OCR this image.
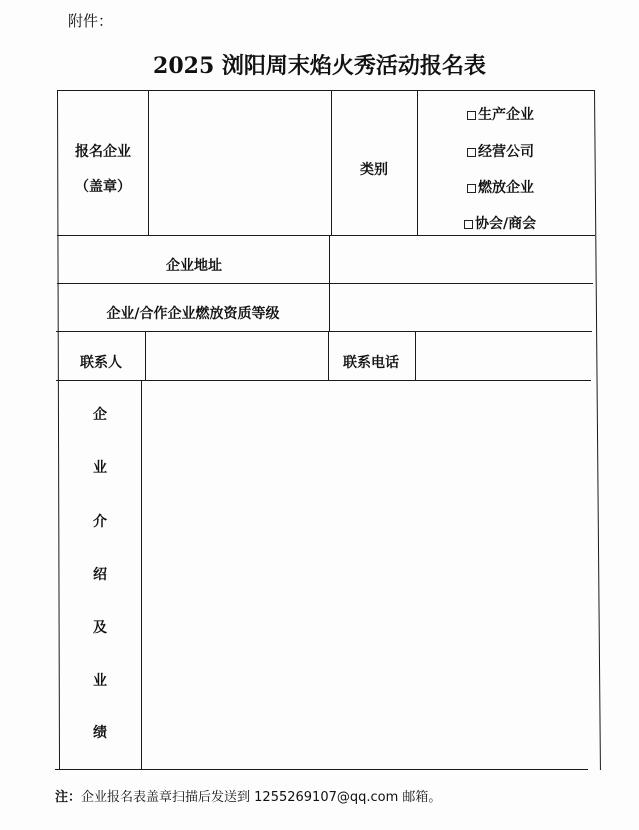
附件：
2025 浏阳周末焰火秀活动报名表
报名企业
（盖章）
类别
生产企业
经营公司
燃放企业
协会/商会
企业地址
企业/合作企业燃放资质等级
联系人	联系电话
企
业
介
绍
及
业
绩
注：企业报名表盖章扫描后发送到 1255269107@qq.com 邮箱。
